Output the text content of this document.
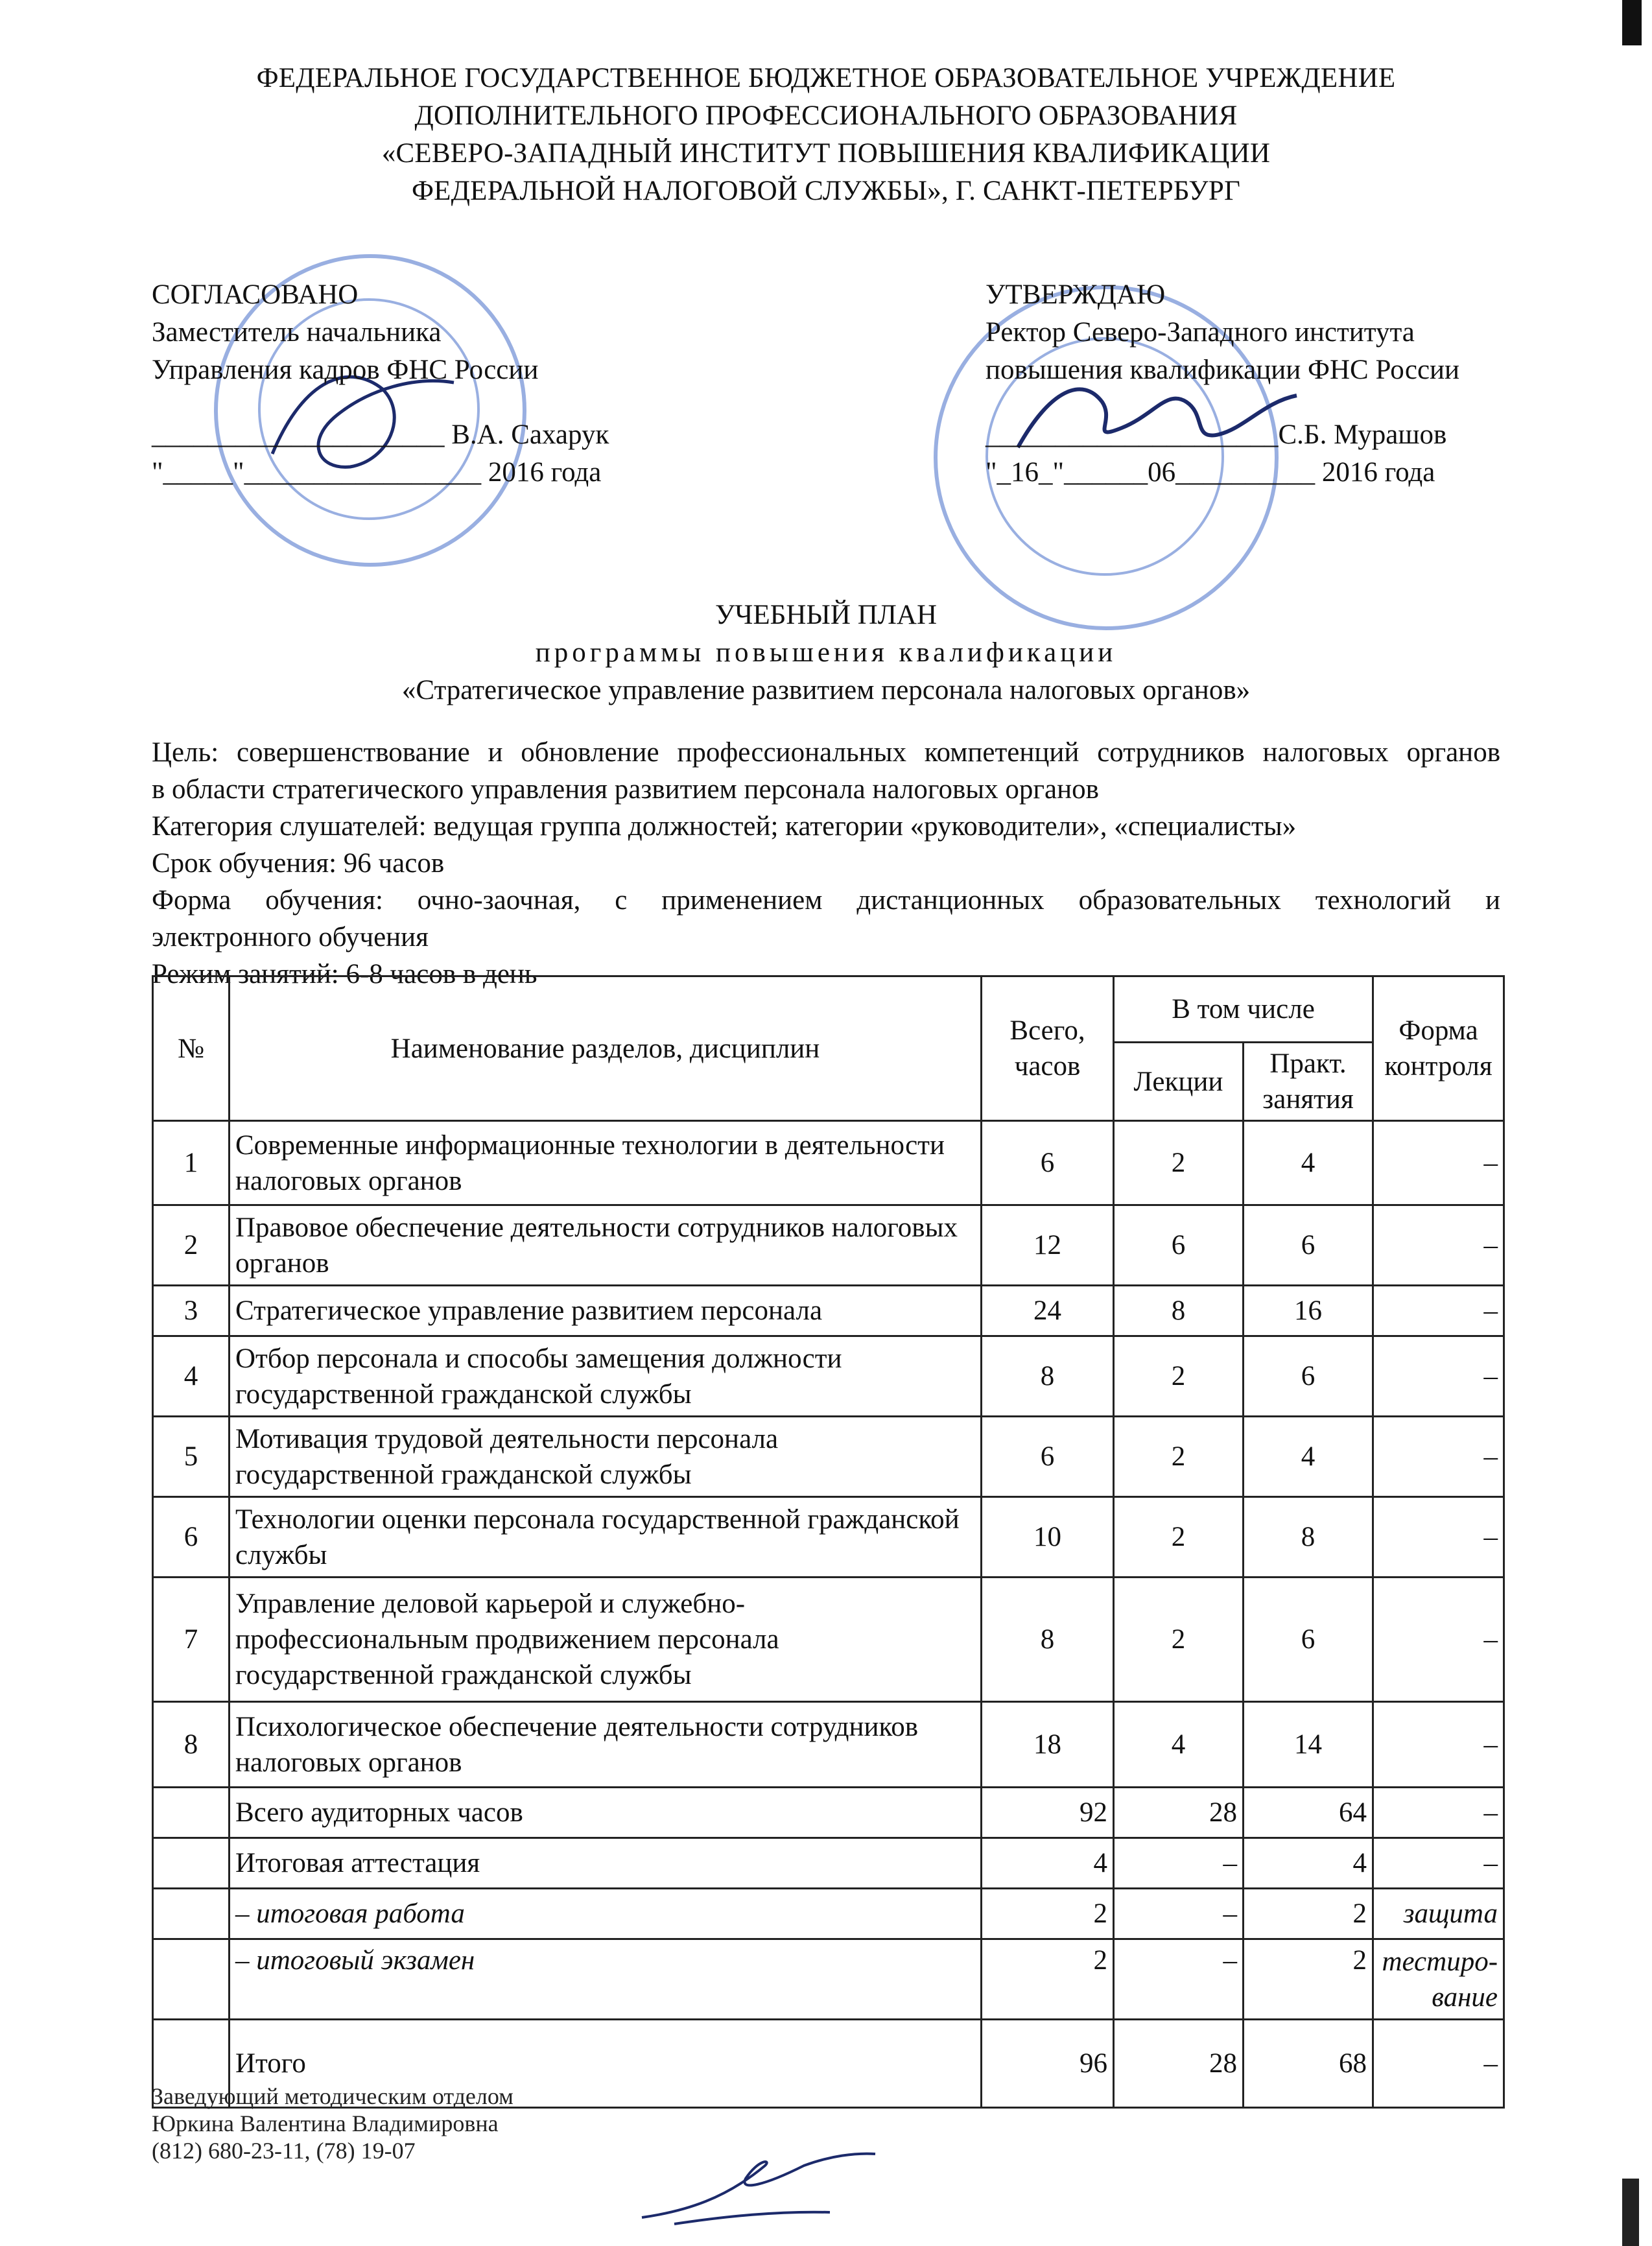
ФЕДЕРАЛЬНОЕ ГОСУДАРСТВЕННОЕ БЮДЖЕТНОЕ ОБРАЗОВАТЕЛЬНОЕ УЧРЕЖДЕНИЕ
ДОПОЛНИТЕЛЬНОГО ПРОФЕССИОНАЛЬНОГО ОБРАЗОВАНИЯ
«СЕВЕРО-ЗАПАДНЫЙ ИНСТИТУТ ПОВЫШЕНИЯ КВАЛИФИКАЦИИ
ФЕДЕРАЛЬНОЙ НАЛОГОВОЙ СЛУЖБЫ», Г. САНКТ-ПЕТЕРБУРГ
СОГЛАСОВАНО
Заместитель начальника
Управления кадров ФНС России
_____________________ В.А. Сахарук
"_____"_________________ 2016 года
УТВЕРЖДАЮ
Ректор Северо-Западного института
повышения квалификации ФНС России
_____________________С.Б. Мурашов
"_16_"______06__________ 2016 года
УЧЕБНЫЙ ПЛАН
программы повышения квалификации
«Стратегическое управление развитием персонала налоговых органов»
Цель: совершенствование и обновление профессиональных компетенций сотрудников налоговых органов
в области стратегического управления развитием персонала налоговых органов
Категория слушателей: ведущая группа должностей; категории «руководители», «специалисты»
Срок обучения: 96 часов
Форма обучения: очно-заочная, с применением дистанционных образовательных технологий и
электронного обучения
Режим занятий: 6-8 часов в день
№	Наименование разделов, дисциплин	Всего, часов	В том числе		Форма контроля
			Лекции	Практ. занятия	
1	Современные информационные технологии в деятельности налоговых органов	6	2	4	–
2	Правовое обеспечение деятельности сотрудников налоговых органов	12	6	6	–
3	Стратегическое управление развитием персонала	24	8	16	–
4	Отбор персонала и способы замещения должности государственной гражданской службы	8	2	6	–
5	Мотивация трудовой деятельности персонала государственной гражданской службы	6	2	4	–
6	Технологии оценки персонала государственной гражданской службы	10	2	8	–
7	Управление деловой карьерой и служебно-профессиональным продвижением персонала государственной гражданской службы	8	2	6	–
8	Психологическое обеспечение деятельности сотрудников налоговых органов	18	4	14	–
	Всего аудиторных часов	92	28	64	–
	Итоговая аттестация	4	–	4	–
	– итоговая работа	2	–	2	защита
	– итоговый экзамен	2	–	2	тестиро-вание
	Итого	96	28	68	–
Заведующий методическим отделом
Юркина Валентина Владимировна
(812) 680-23-11, (78) 19-07
